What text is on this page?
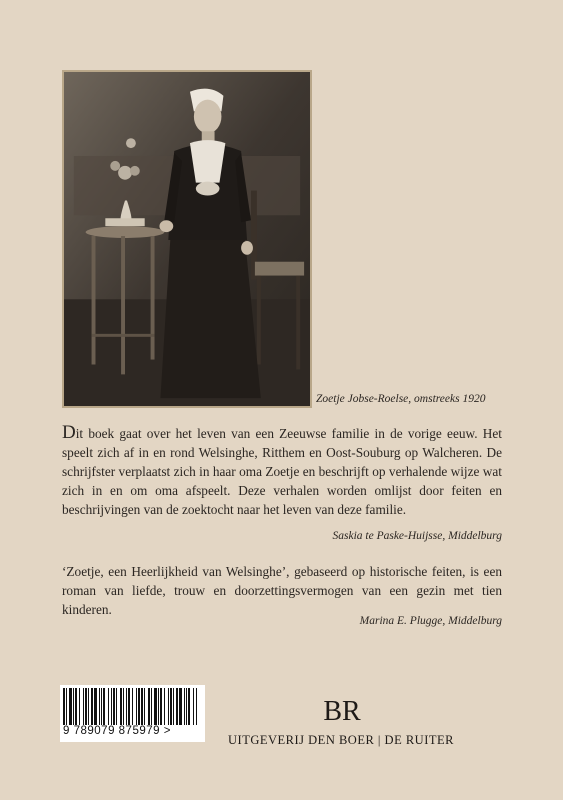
Zoetje Jobse-Roelse, omstreeks 1920

Dit boek gaat over het leven van een Zeeuwse familie in de vorige eeuw. Het speelt zich af in en rond Welsinghe, Ritthem en Oost-Souburg op Walcheren. De schrijfster verplaatst zich in haar oma Zoetje en beschrijft op verhalende wijze wat zich in en om oma afspeelt. Deze verhalen worden omlijst door feiten en beschrijvingen van de zoektocht naar het leven van deze familie.

Saskia te Paske-Huijsse, Middelburg

‘Zoetje, een Heerlijkheid van Welsinghe’, gebaseerd op historische feiten, is een roman van liefde, trouw en doorzettingsvermogen van een gezin met tien kinderen.

Marina E. Plugge, Middelburg
9 789079 875979 >
BR
UITGEVERIJ DEN BOER | DE RUITER
